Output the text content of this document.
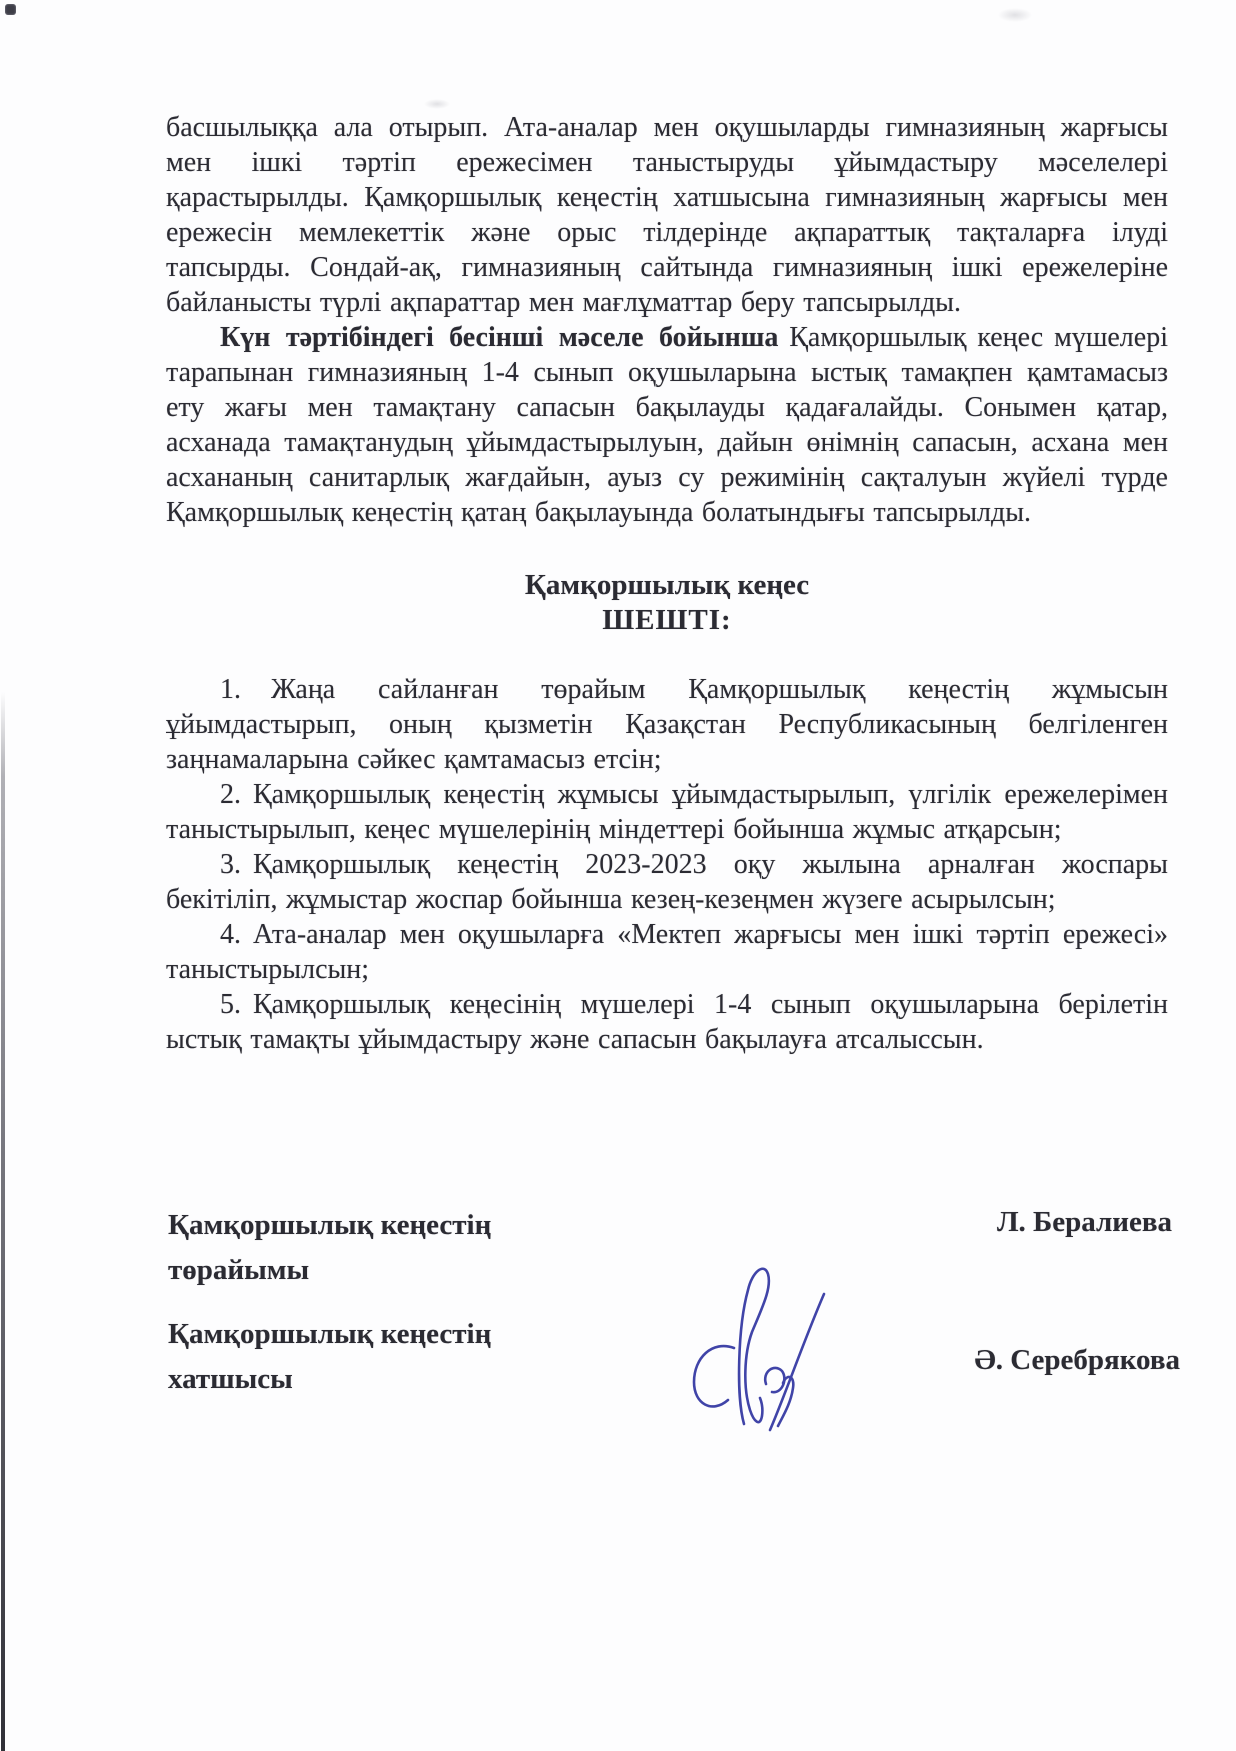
басшылыққа ала отырып. Ата-аналар мен оқушыларды гимназияның жарғысы мен ішкі тәртіп ережесімен таныстыруды ұйымдастыру мәселелері қарастырылды. Қамқоршылық кеңестің хатшысына гимназияның жарғысы мен ережесін мемлекеттік және орыс тілдерінде ақпараттық тақталарға ілуді тапсырды. Сондай-ақ, гимназияның сайтында гимназияның ішкі ережелеріне байланысты түрлі ақпараттар мен мағлұматтар беру тапсырылды.

Күн тәртібіндегі бесінші мәселе бойынша Қамқоршылық кеңес мүшелері тарапынан гимназияның 1-4 сынып оқушыларына ыстық тамақпен қамтамасыз ету жағы мен тамақтану сапасын бақылауды қадағалайды. Сонымен қатар, асханада тамақтанудың ұйымдастырылуын, дайын өнімнің сапасын, асхана мен асхананың санитарлық жағдайын, ауыз су режимінің сақталуын жүйелі түрде Қамқоршылық кеңестің қатаң бақылауында болатындығы тапсырылды.

Қамқоршылық кеңес
ШЕШТІ:

1. Жаңа сайланған төрайым Қамқоршылық кеңестің жұмысын ұйымдастырып, оның қызметін Қазақстан Республикасының белгіленген заңнамаларына сәйкес қамтамасыз етсін;

2. Қамқоршылық кеңестің жұмысы ұйымдастырылып, үлгілік ережелерімен таныстырылып, кеңес мүшелерінің міндеттері бойынша жұмыс атқарсын;

3. Қамқоршылық кеңестің 2023-2023 оқу жылына арналған жоспары бекітіліп, жұмыстар жоспар бойынша кезең-кезеңмен жүзеге асырылсын;

4. Ата-аналар мен оқушыларға «Мектеп жарғысы мен ішкі тәртіп ережесі» таныстырылсын;

5. Қамқоршылық кеңесінің мүшелері 1-4 сынып оқушыларына берілетін ыстық тамақты ұйымдастыру және сапасын бақылауға атсалыссын.

Қамқоршылық кеңестің
төрайымы
Л. Бералиева
Қамқоршылық кеңестің
хатшысы
Ә. Серебрякова
